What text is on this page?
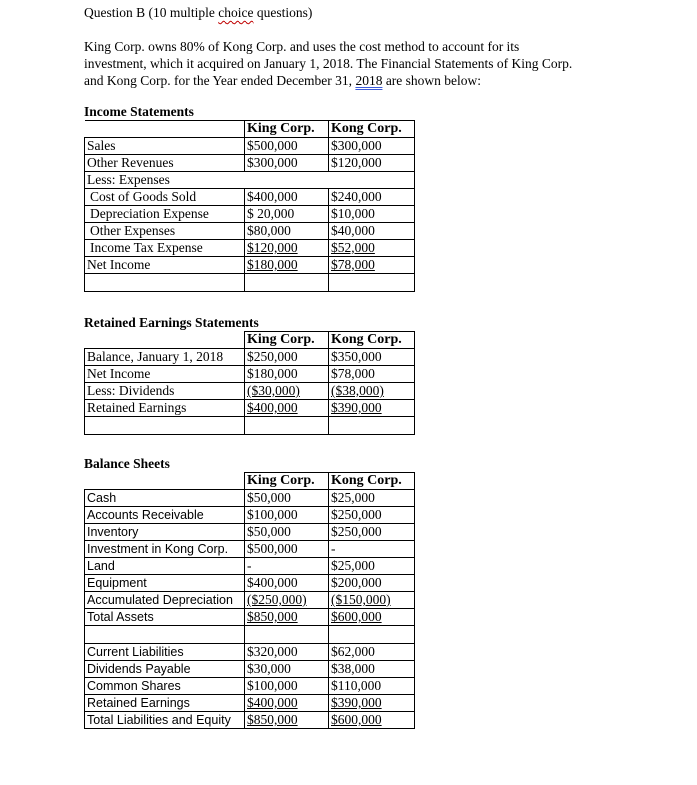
Question B (10 multiple choice questions)
King Corp. owns 80% of Kong Corp. and uses the cost method to account for its investment, which it acquired on January 1, 2018. The Financial Statements of King Corp. and Kong Corp. for the Year ended December 31, 2018 are shown below:
Income Statements
	King Corp.	Kong Corp.
Sales	$500,000	$300,000
Other Revenues	$300,000	$120,000
Less: Expenses		
Cost of Goods Sold	$400,000	$240,000
Depreciation Expense	$ 20,000	$10,000
Other Expenses	$80,000	$40,000
Income Tax Expense	$120,000	$52,000
Net Income	$180,000	$78,000

Retained Earnings Statements
	King Corp.	Kong Corp.
Balance, January 1, 2018	$250,000	$350,000
Net Income	$180,000	$78,000
Less: Dividends	($30,000)	($38,000)
Retained Earnings	$400,000	$390,000

Balance Sheets
	King Corp.	Kong Corp.
Cash	$50,000	$25,000
Accounts Receivable	$100,000	$250,000
Inventory	$50,000	$250,000
Investment in Kong Corp.	$500,000	-
Land	-	$25,000
Equipment	$400,000	$200,000
Accumulated Depreciation	($250,000)	($150,000)
Total Assets	$850,000	$600,000

Current Liabilities	$320,000	$62,000
Dividends Payable	$30,000	$38,000
Common Shares	$100,000	$110,000
Retained Earnings	$400,000	$390,000
Total Liabilities and Equity	$850,000	$600,000
